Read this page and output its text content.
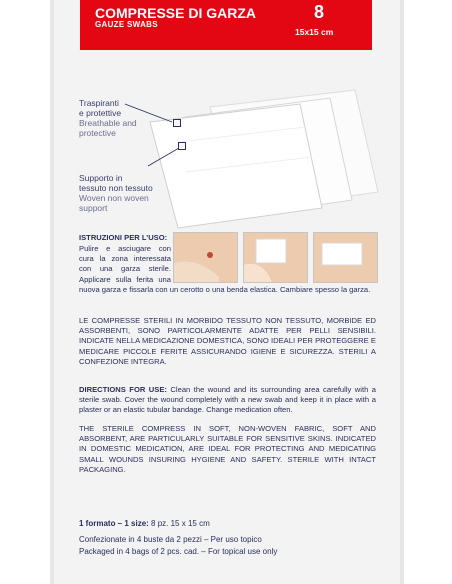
COMPRESSE DI GARZA
GAUZE SWABS
8
15x15 cm
Traspiranti
e protettive
Breathable and
protective
Supporto in
tessuto non tessuto
Woven non woven
support

ISTRUZIONI PER L’USO:

Pulire e asciugare con cura la zona interessata con una garza sterile. Applicare sulla ferita una nuova garza e fissarla con un cerotto o una benda elastica. Cambiare spesso la garza.

LE COMPRESSE STERILI IN MORBIDO TESSUTO NON TESSUTO, MORBIDE ED ASSORBENTI, SONO PARTICOLARMENTE ADATTE PER PELLI SENSIBILI. INDICATE NELLA MEDICAZIONE DOMESTICA, SONO IDEALI PER PROTEGGERE E MEDICARE PICCOLE FERITE ASSICURANDO IGIENE E SICUREZZA. STERILI A CONFEZIONE INTEGRA.

DIRECTIONS FOR USE: Clean the wound and its surrounding area carefully with a sterile swab. Cover the wound completely with a new swab and keep it in place with a plaster or an elastic tubular bandage. Change medication often.

THE STERILE COMPRESS IN SOFT, NON-WOVEN FABRIC, SOFT AND ABSORBENT, ARE PARTICULARLY SUITABLE FOR SENSITIVE SKINS. INDICATED IN DOMESTIC MEDICATION, ARE IDEAL FOR PROTECTING AND MEDICATING SMALL WOUNDS INSURING HYGIENE AND SAFETY. STERILE WITH INTACT PACKAGING.

1 formato – 1 size: 8 pz. 15 x 15 cm
Confezionate in 4 buste da 2 pezzi – Per uso topico
Packaged in 4 bags of 2 pcs. cad. – For topical use only
